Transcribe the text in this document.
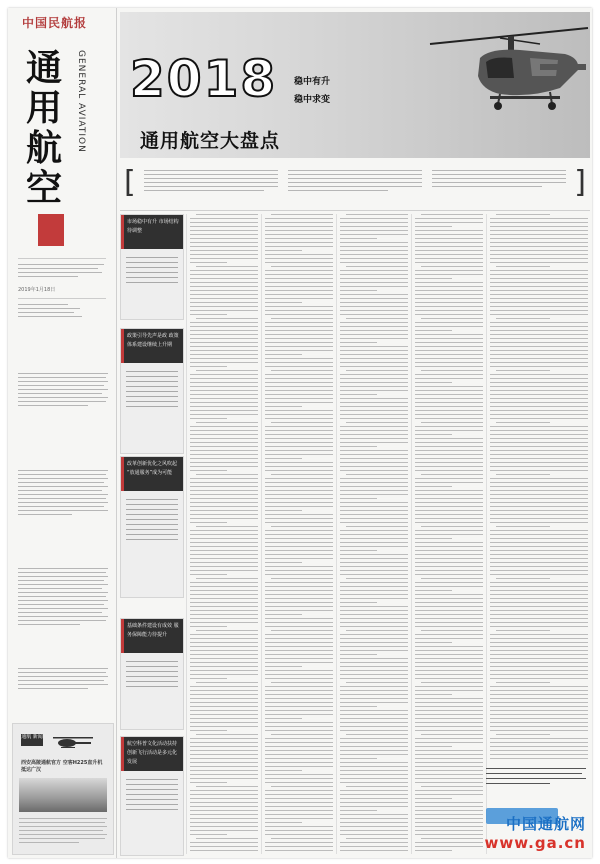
中国民航报
通
用
航
空
GENERAL AVIATION
2019年1月18日
通航 新闻
西安高陵通航官方 空客H225直升机抵达广汉
2018 稳中有升
稳中求变
通用航空大盘点
[	]
市场稳中有升 市场结构待调整
政策引导先声是政 政策体系建设继续上升期
改革创新优化之风吹起 “放通服务”成为可能
基础条件建设有成效 服务保障能力待提升
航空科普文化活动扶持 创新飞行活动是多元化发展
中国通航网
www.ga.cn
